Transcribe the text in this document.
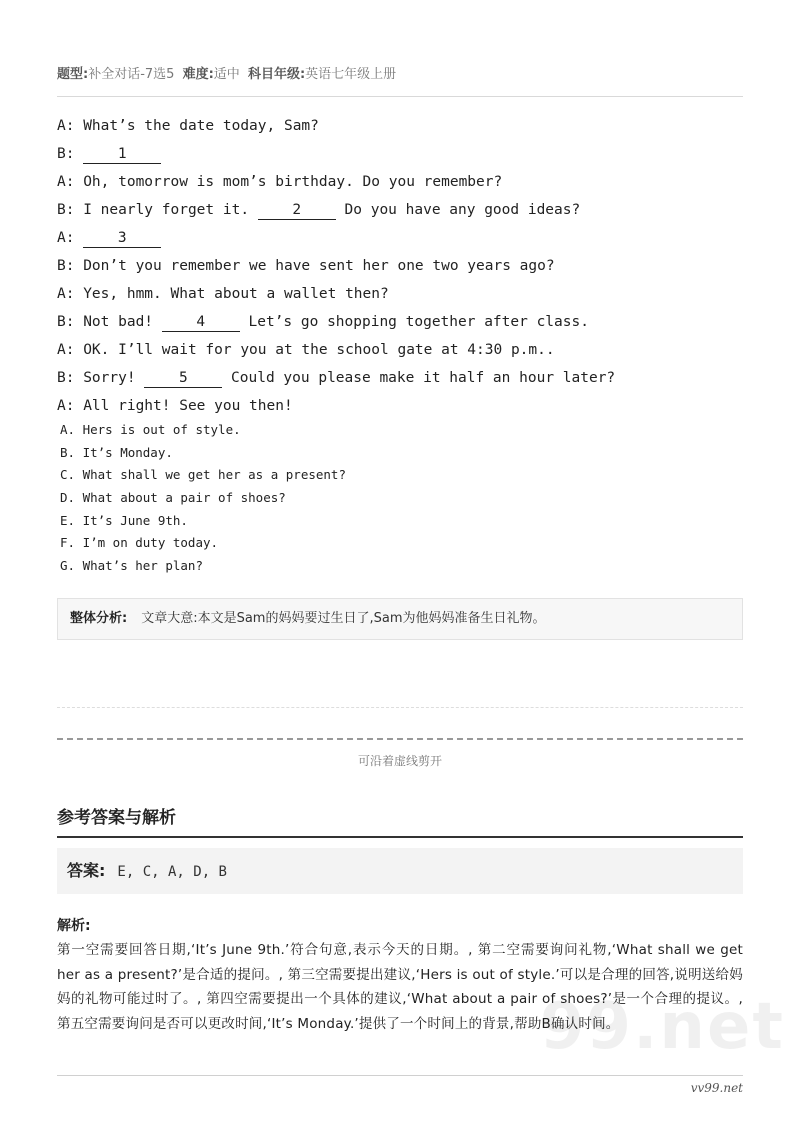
题型:补全对话-7选5 难度:适中 科目年级:英语七年级上册
A: What’s the date today, Sam?
B: 1
A: Oh, tomorrow is mom’s birthday. Do you remember?
B: I nearly forget it. 2 Do you have any good ideas?
A: 3
B: Don’t you remember we have sent her one two years ago?
A: Yes, hmm. What about a wallet then?
B: Not bad! 4 Let’s go shopping together after class.
A: OK. I’ll wait for you at the school gate at 4:30 p.m..
B: Sorry! 5 Could you please make it half an hour later?
A: All right! See you then!
A. Hers is out of style.
B. It’s Monday.
C. What shall we get her as a present?
D. What about a pair of shoes?
E. It’s June 9th.
F. I’m on duty today.
G. What’s her plan?
整体分析: 文章大意:本文是Sam的妈妈要过生日了,Sam为他妈妈准备生日礼物。
可沿着虚线剪开
参考答案与解析
答案: E, C, A, D, B
解析:
第一空需要回答日期,‘It’s June 9th.’符合句意,表示今天的日期。, 第二空需要询问礼物,‘What shall we get her as a present?’是合适的提问。, 第三空需要提出建议,‘Hers is out of style.’可以是合理的回答,说明送给妈妈的礼物可能过时了。, 第四空需要提出一个具体的建议,‘What about a pair of shoes?’是一个合理的提议。, 第五空需要询问是否可以更改时间,‘It’s Monday.’提供了一个时间上的背景,帮助B确认时间。
99.net
vv99.net
